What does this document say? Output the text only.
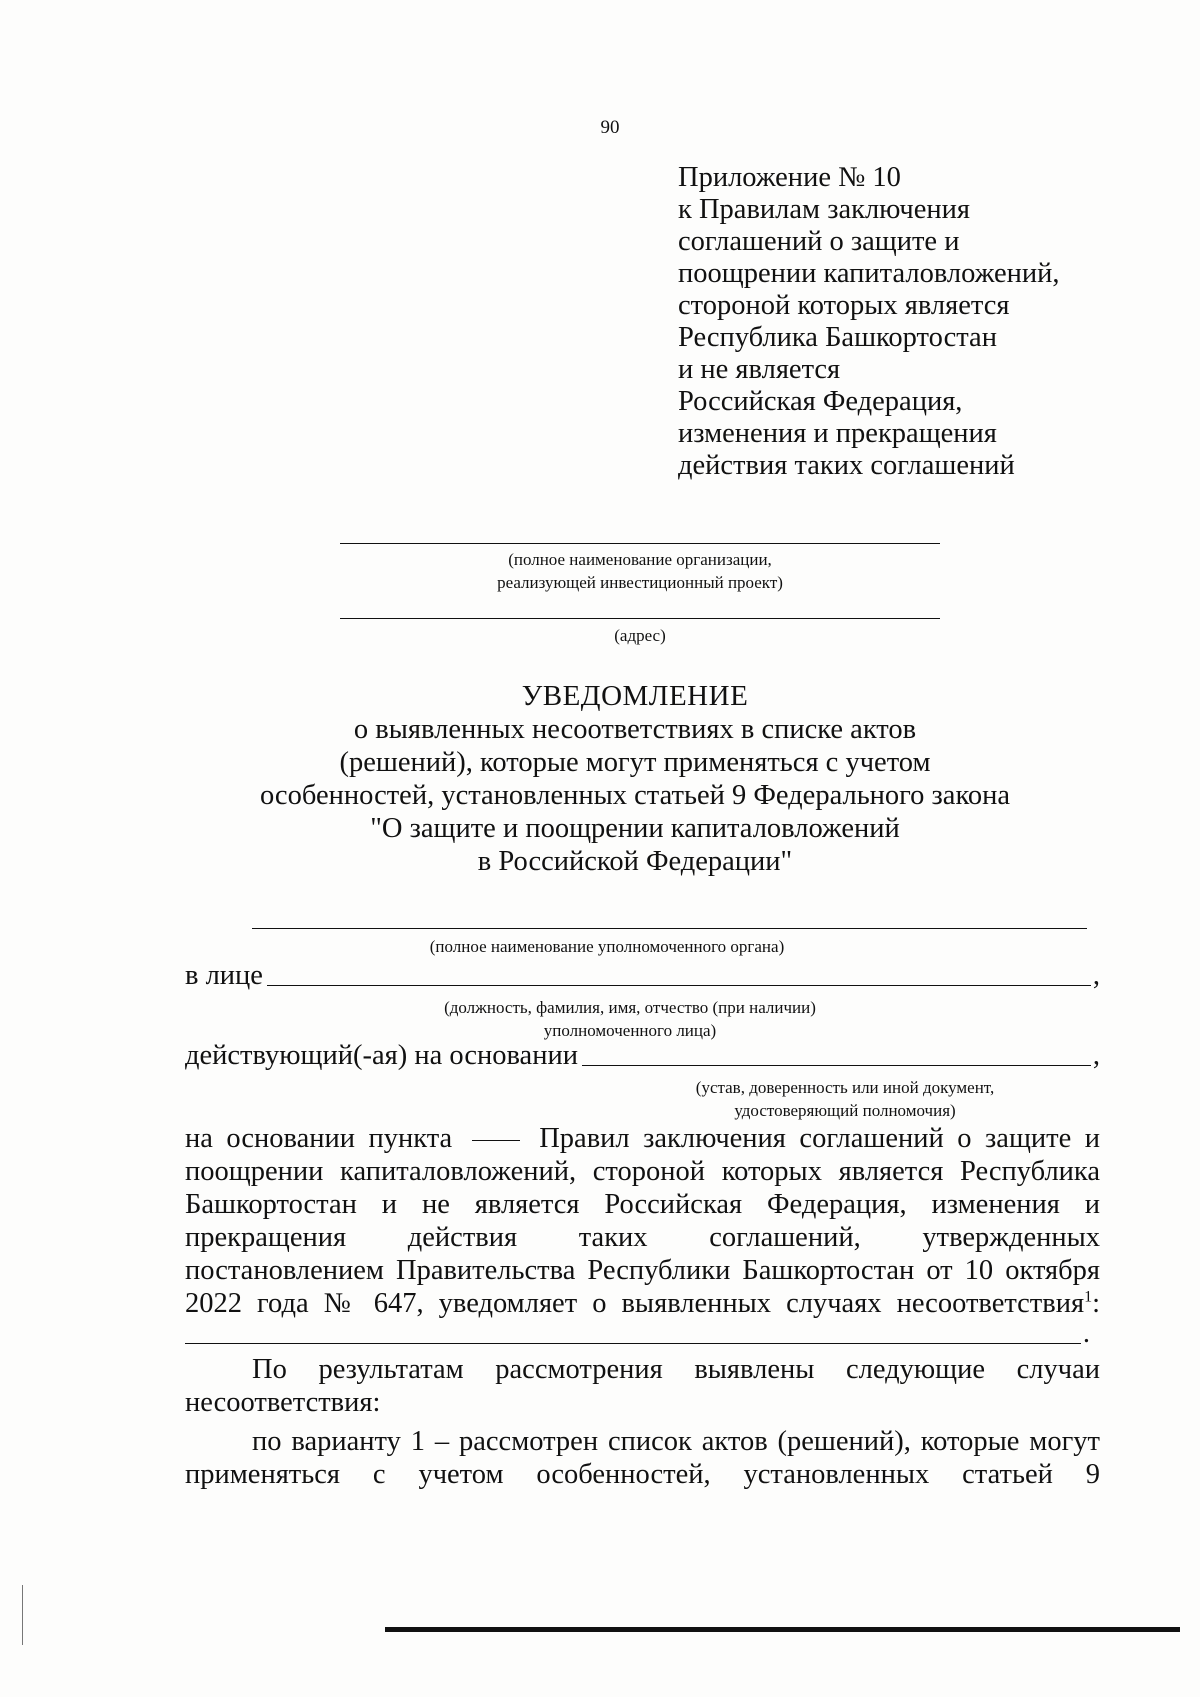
90
Приложение № 10
к Правилам заключения
соглашений о защите и
поощрении капиталовложений,
стороной которых является
Республика Башкортостан
и не является
Российская Федерация,
изменения и прекращения
действия таких соглашений
(полное наименование организации,
реализующей инвестиционный проект)
(адрес)
УВЕДОМЛЕНИЕ
о выявленных несоответствиях в списке актов
(решений), которые могут применяться с учетом
особенностей, установленных статьей 9 Федерального закона
"О защите и поощрении капиталовложений
в Российской Федерации"
(полное наименование уполномоченного органа)
в лице	,
(должность, фамилия, имя, отчество (при наличии)
уполномоченного лица)
действующий(-ая) на основании	,
(устав, доверенность или иной документ,
удостоверяющий полномочия)
на основании пункта	Правил заключения соглашений о защите и
поощрении капиталовложений, стороной которых является Республика
Башкортостан и не является Российская Федерация, изменения и
прекращения действия таких соглашений, утвержденных
постановлением Правительства Республики Башкортостан от 10 октября
2022 года № 647, уведомляет о выявленных случаях несоответствия$^1$:
.
По результатам рассмотрения выявлены следующие случаи
несоответствия:
по варианту 1 – рассмотрен список актов (решений), которые могут
применяться с учетом особенностей, установленных статьей 9
